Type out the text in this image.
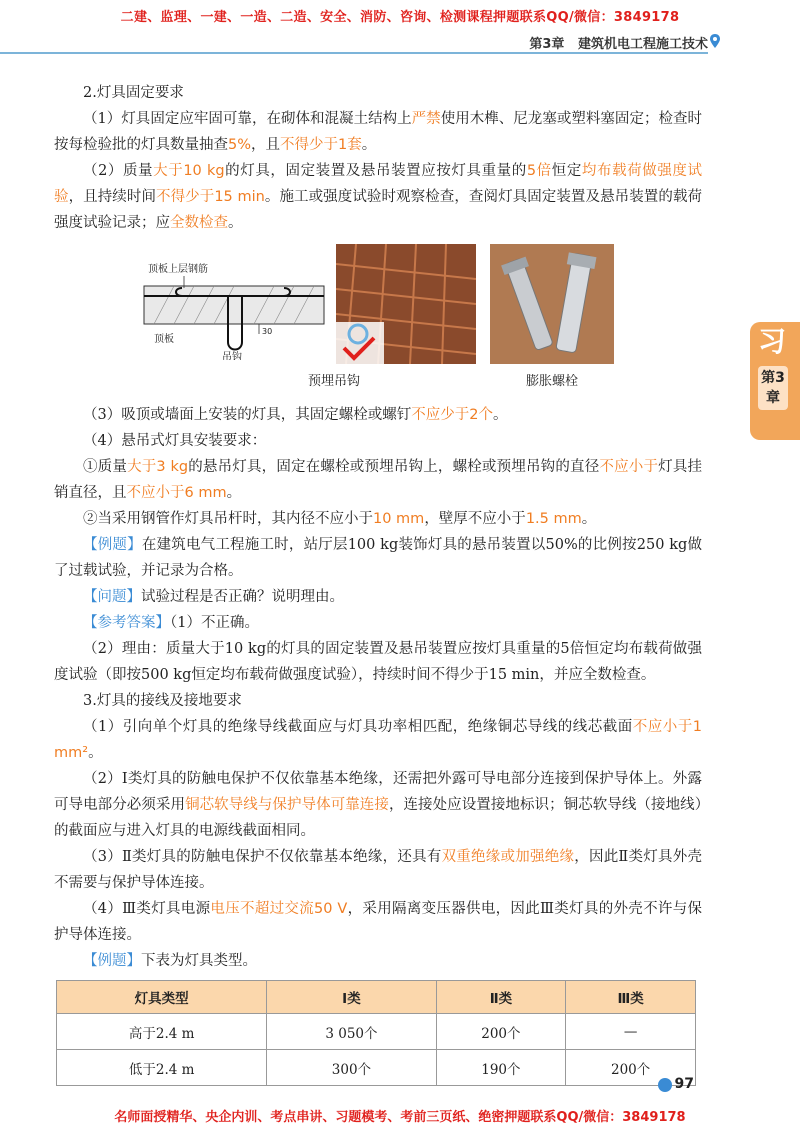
二建、监理、一建、一造、二造、安全、消防、咨询、检测课程押题联系QQ/微信：3849178
第3章 建筑机电工程施工技术
习
第3章

2.灯具固定要求

（1）灯具固定应牢固可靠，在砌体和混凝土结构上严禁使用木榫、尼龙塞或塑料塞固定；检查时按每检验批的灯具数量抽查5%，且不得少于1套。

（2）质量大于10 kg的灯具，固定装置及悬吊装置应按灯具重量的5倍恒定均布载荷做强度试验，且持续时间不得少于15 min。施工或强度试验时观察检查，查阅灯具固定装置及悬吊装置的载荷强度试验记录；应全数检查。

顶板上层钢筋
顶板
吊钩
30
预埋吊钩	膨胀螺栓

（3）吸顶或墙面上安装的灯具，其固定螺栓或螺钉不应少于2个。

（4）悬吊式灯具安装要求：

①质量大于3 kg的悬吊灯具，固定在螺栓或预埋吊钩上，螺栓或预埋吊钩的直径不应小于灯具挂销直径，且不应小于6 mm。

②当采用钢管作灯具吊杆时，其内径不应小于10 mm，壁厚不应小于1.5 mm。

【例题】在建筑电气工程施工时，站厅层100 kg装饰灯具的悬吊装置以50%的比例按250 kg做了过载试验，并记录为合格。

【问题】试验过程是否正确？说明理由。

【参考答案】（1）不正确。

（2）理由：质量大于10 kg的灯具的固定装置及悬吊装置应按灯具重量的5倍恒定均布载荷做强度试验（即按500 kg恒定均布载荷做强度试验），持续时间不得少于15 min，并应全数检查。

3.灯具的接线及接地要求

（1）引向单个灯具的绝缘导线截面应与灯具功率相匹配，绝缘铜芯导线的线芯截面不应小于1 mm²。

（2）Ⅰ类灯具的防触电保护不仅依靠基本绝缘，还需把外露可导电部分连接到保护导体上。外露可导电部分必须采用铜芯软导线与保护导体可靠连接，连接处应设置接地标识；铜芯软导线（接地线）的截面应与进入灯具的电源线截面相同。

（3）Ⅱ类灯具的防触电保护不仅依靠基本绝缘，还具有双重绝缘或加强绝缘，因此Ⅱ类灯具外壳不需要与保护导体连接。

（4）Ⅲ类灯具电源电压不超过交流50 V，采用隔离变压器供电，因此Ⅲ类灯具的外壳不许与保护导体连接。

【例题】下表为灯具类型。

灯具类型	Ⅰ类	Ⅱ类	Ⅲ类
高于2.4 m	3 050个	200个	—
低于2.4 m	300个	190个	200个
97
名师面授精华、央企内训、考点串讲、习题模考、考前三页纸、绝密押题联系QQ/微信：3849178
